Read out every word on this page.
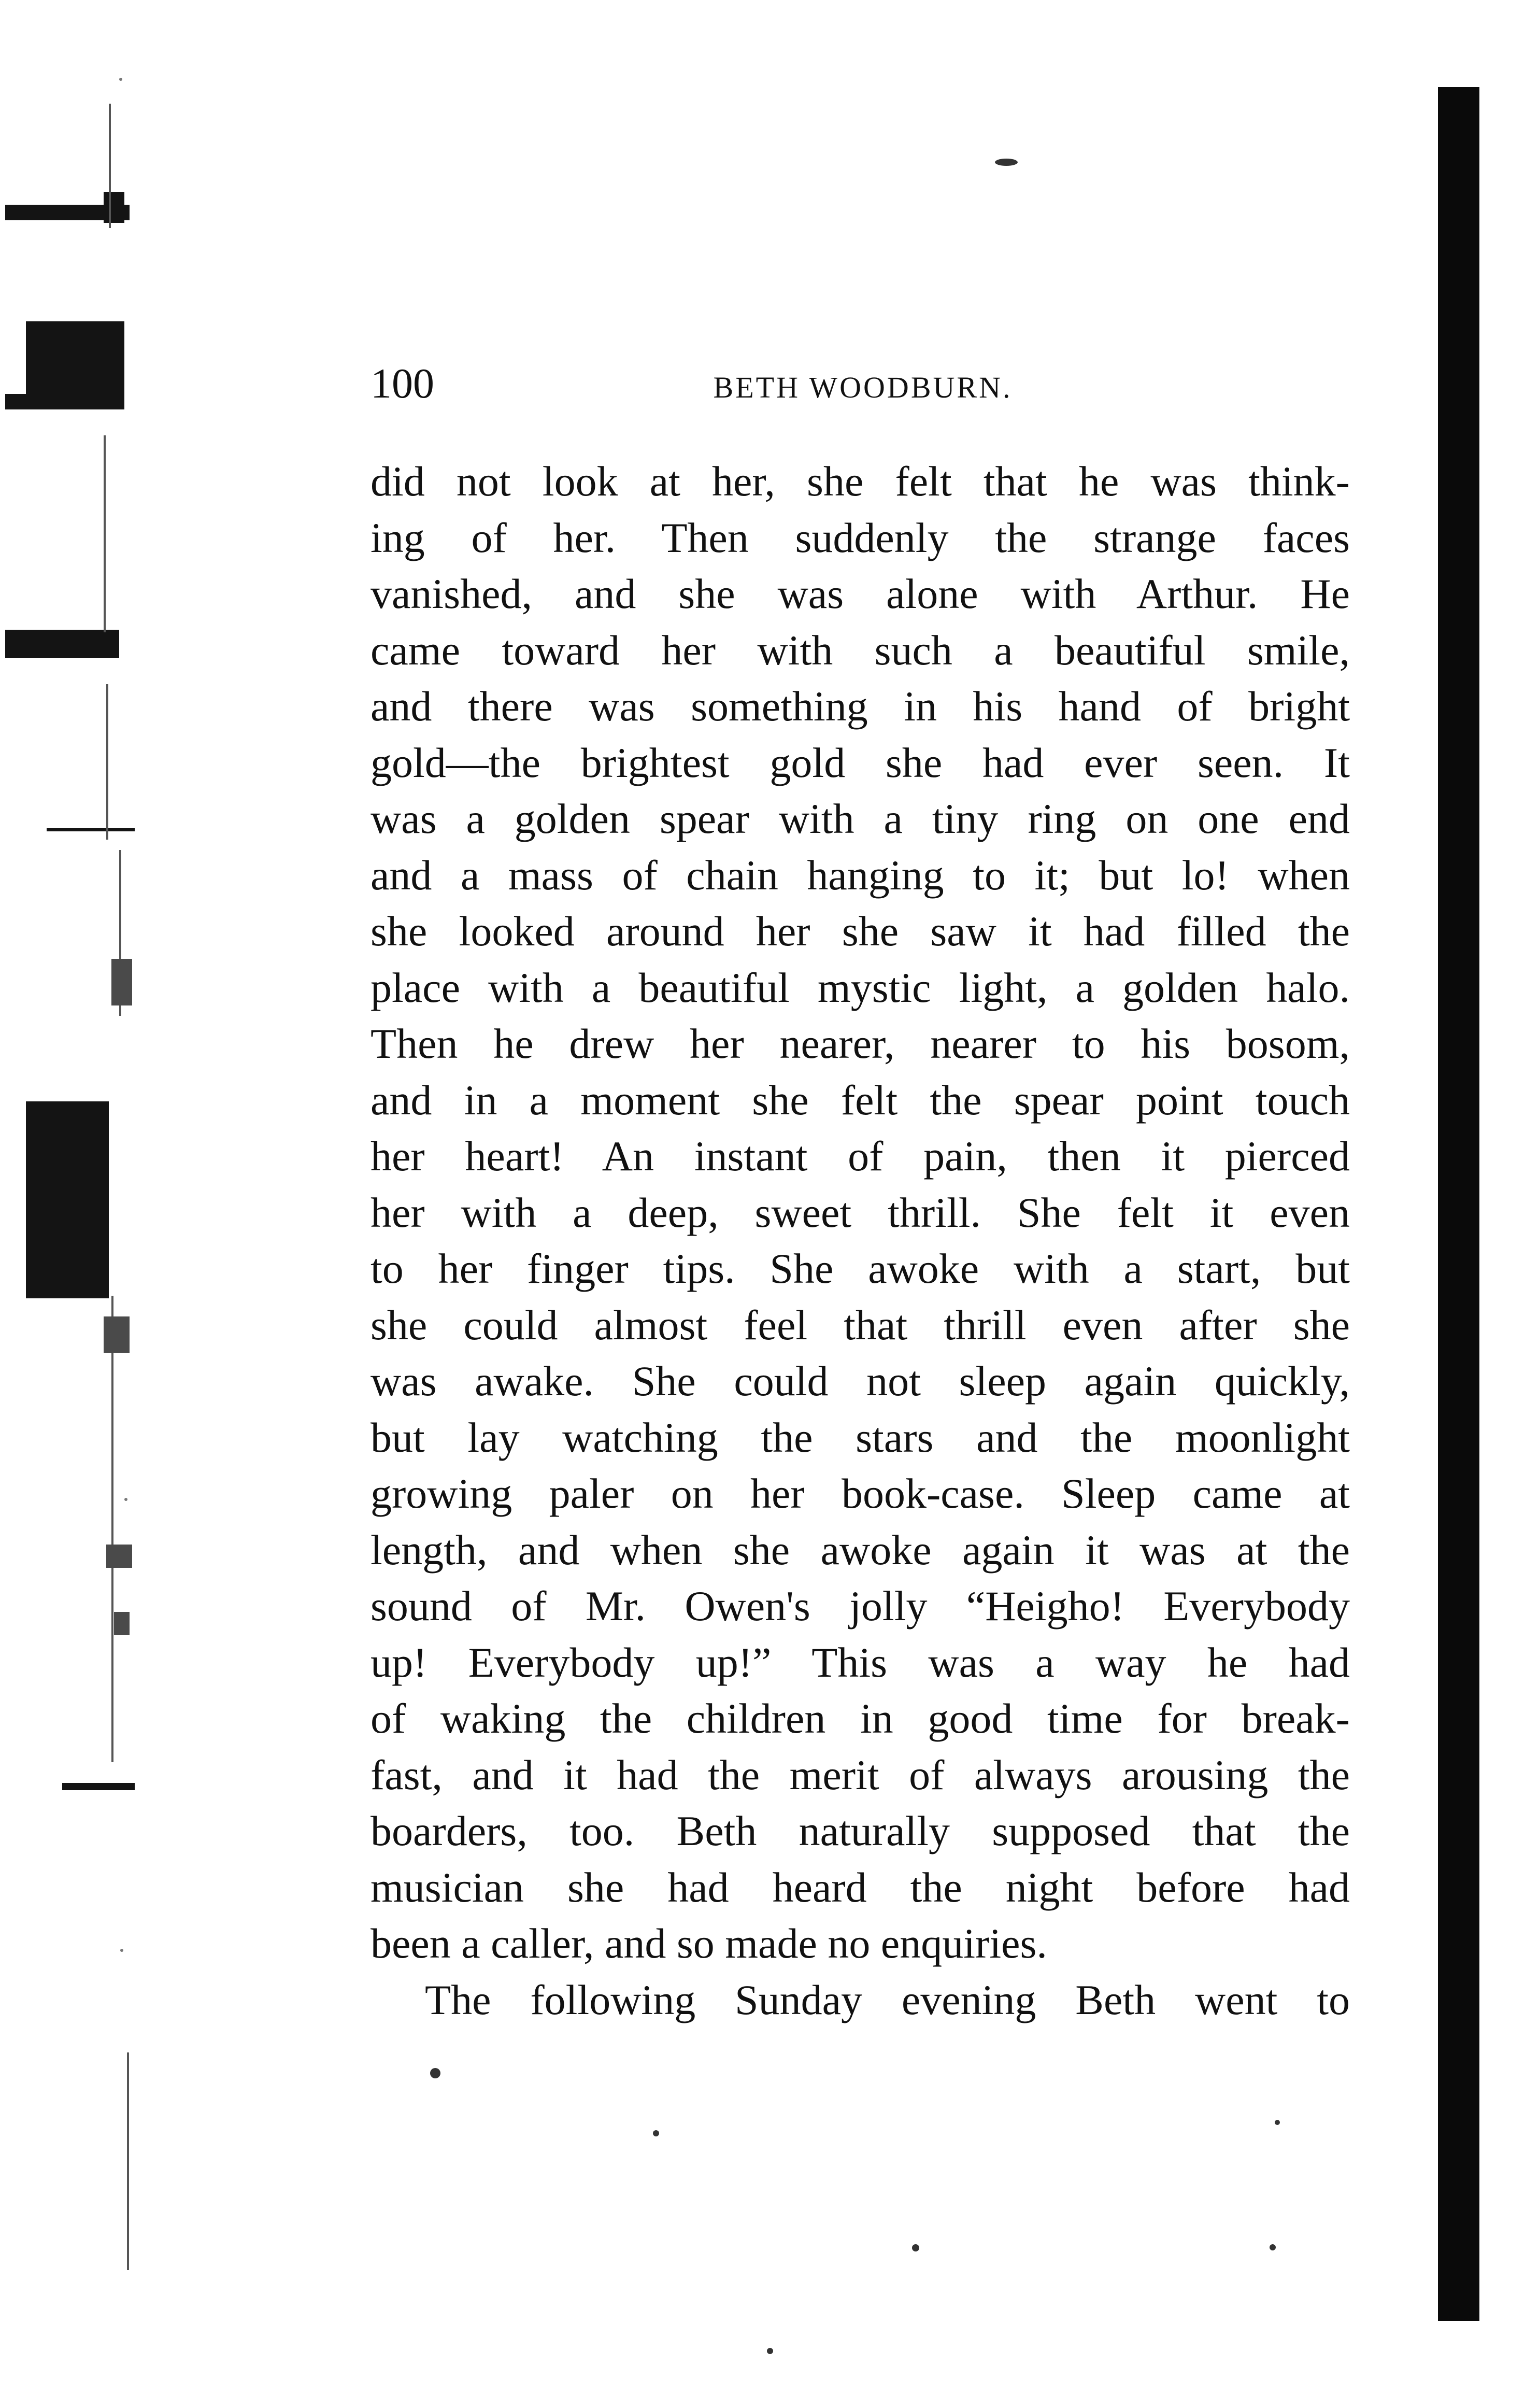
100	BETH WOODBURN.
did not look at her, she felt that he was think-
ing of her. Then suddenly the strange faces
vanished, and she was alone with Arthur. He
came toward her with such a beautiful smile,
and there was something in his hand of bright
gold—the brightest gold she had ever seen. It
was a golden spear with a tiny ring on one end
and a mass of chain hanging to it; but lo! when
she looked around her she saw it had filled the
place with a beautiful mystic light, a golden halo.
Then he drew her nearer, nearer to his bosom,
and in a moment she felt the spear point touch
her heart! An instant of pain, then it pierced
her with a deep, sweet thrill. She felt it even
to her finger tips. She awoke with a start, but
she could almost feel that thrill even after she
was awake. She could not sleep again quickly,
but lay watching the stars and the moonlight
growing paler on her book-case. Sleep came at
length, and when she awoke again it was at the
sound of Mr. Owen's jolly “Heigho! Everybody
up! Everybody up!” This was a way he had
of waking the children in good time for break-
fast, and it had the merit of always arousing the
boarders, too. Beth naturally supposed that the
musician she had heard the night before had
been a caller, and so made no enquiries.
The following Sunday evening Beth went to
